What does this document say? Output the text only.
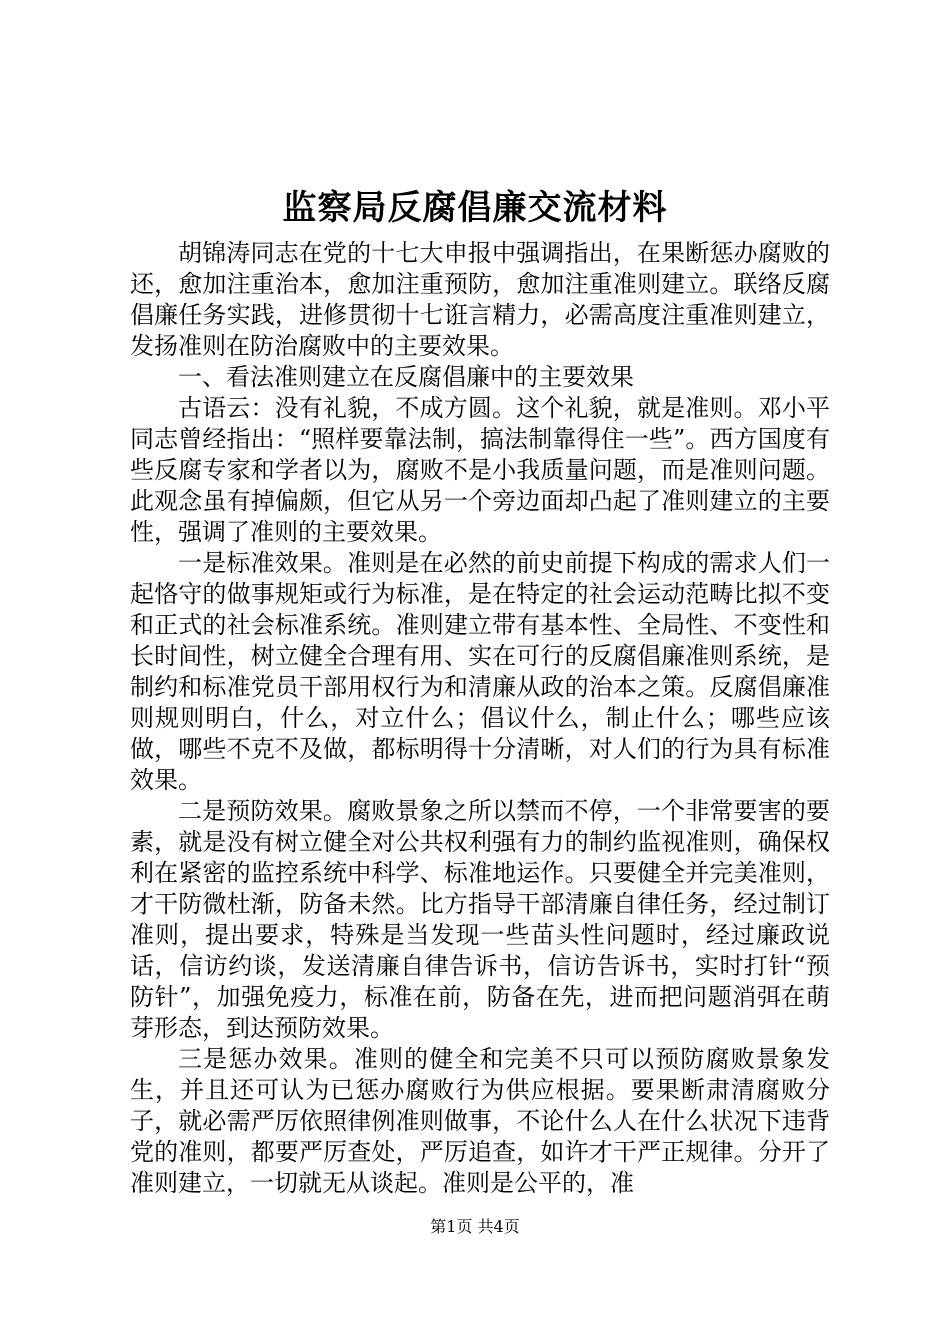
监察局反腐倡廉交流材料

胡锦涛同志在党的十七大申报中强调指出，在果断惩办腐败的还，愈加注重治本，愈加注重预防，愈加注重准则建立。联络反腐倡廉任务实践，进修贯彻十七诳言精力，必需高度注重准则建立，发扬准则在防治腐败中的主要效果。

一、看法准则建立在反腐倡廉中的主要效果

古语云：没有礼貌，不成方圆。这个礼貌，就是准则。邓小平同志曾经指出：“照样要靠法制，搞法制靠得住一些”。西方国度有些反腐专家和学者以为，腐败不是小我质量问题，而是准则问题。此观念虽有掉偏颇，但它从另一个旁边面却凸起了准则建立的主要性，强调了准则的主要效果。

一是标准效果。准则是在必然的前史前提下构成的需求人们一起恪守的做事规矩或行为标准，是在特定的社会运动范畴比拟不变和正式的社会标准系统。准则建立带有基本性、全局性、不变性和长时间性，树立健全合理有用、实在可行的反腐倡廉准则系统，是制约和标准党员干部用权行为和清廉从政的治本之策。反腐倡廉准则规则明白，什么，对立什么；倡议什么，制止什么；哪些应该做，哪些不克不及做，都标明得十分清晰，对人们的行为具有标准效果。

二是预防效果。腐败景象之所以禁而不停，一个非常要害的要素，就是没有树立健全对公共权利强有力的制约监视准则，确保权利在紧密的监控系统中科学、标准地运作。只要健全并完美准则，才干防微杜渐，防备未然。比方指导干部清廉自律任务，经过制订准则，提出要求，特殊是当发现一些苗头性问题时，经过廉政说话，信访约谈，发送清廉自律告诉书，信访告诉书，实时打针“预防针”，加强免疫力，标准在前，防备在先，进而把问题消弭在萌芽形态，到达预防效果。

三是惩办效果。准则的健全和完美不只可以预防腐败景象发生，并且还可认为已惩办腐败行为供应根据。要果断肃清腐败分子，就必需严厉依照律例准则做事，不论什么人在什么状况下违背党的准则，都要严厉查处，严厉追查，如许才干严正规律。分开了准则建立，一切就无从谈起。准则是公平的，准

第1页 共4页
